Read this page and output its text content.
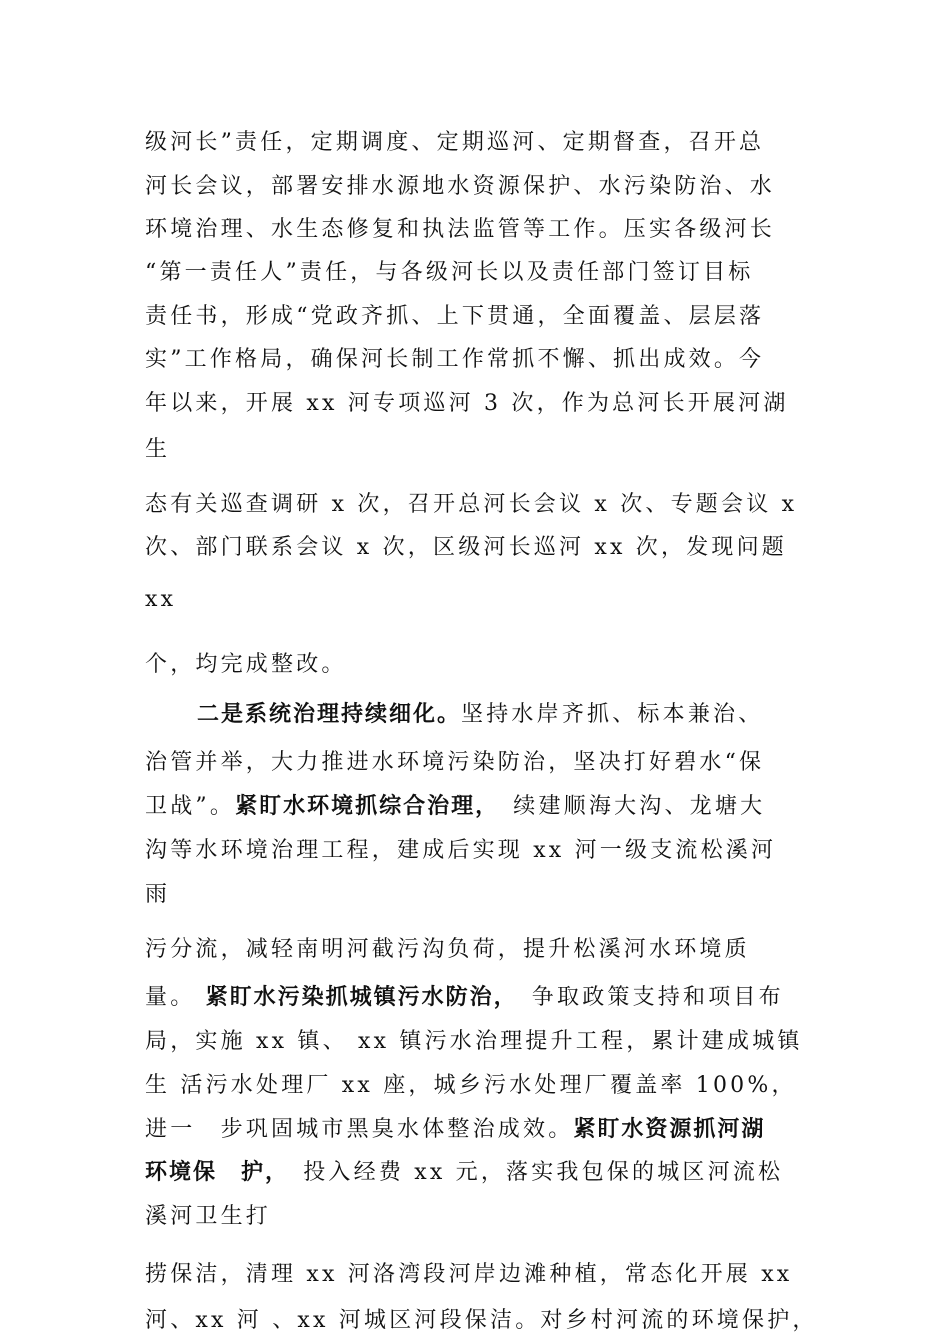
级河长”责任，定期调度、定期巡河、定期督查，召开总
河长会议，部署安排水源地水资源保护、水污染防治、水
环境治理、水生态修复和执法监管等工作。压实各级河长
“第一责任人”责任，与各级河长以及责任部门签订目标
责任书，形成“党政齐抓、上下贯通，全面覆盖、层层落
实”工作格局，确保河长制工作常抓不懈、抓出成效。今
年以来，开展 xx 河专项巡河 3 次，作为总河长开展河湖
生
态有关巡查调研 x 次，召开总河长会议 x 次、专题会议 x
次、部门联系会议 x 次，区级河长巡河 xx 次，发现问题
xx
个，均完成整改。
二是系统治理持续细化。坚持水岸齐抓、标本兼治、
治管并举，大力推进水环境污染防治，坚决打好碧水“保
卫战”。紧盯水环境抓综合治理，　续建顺海大沟、龙塘大
沟等水环境治理工程，建成后实现 xx 河一级支流松溪河
雨
污分流，减轻南明河截污沟负荷，提升松溪河水环境质
量。 紧盯水污染抓城镇污水防治，　争取政策支持和项目布
局，实施 xx 镇、 xx 镇污水治理提升工程，累计建成城镇
生 活污水处理厂 xx 座，城乡污水处理厂覆盖率 100%，
进一　步巩固城市黑臭水体整治成效。紧盯水资源抓河湖
环境保　护，　投入经费 xx 元，落实我包保的城区河流松
溪河卫生打
捞保洁，清理 xx 河洛湾段河岸边滩种植，常态化开展 xx
河、xx 河 、xx 河城区河段保洁。对乡村河流的环境保护，
